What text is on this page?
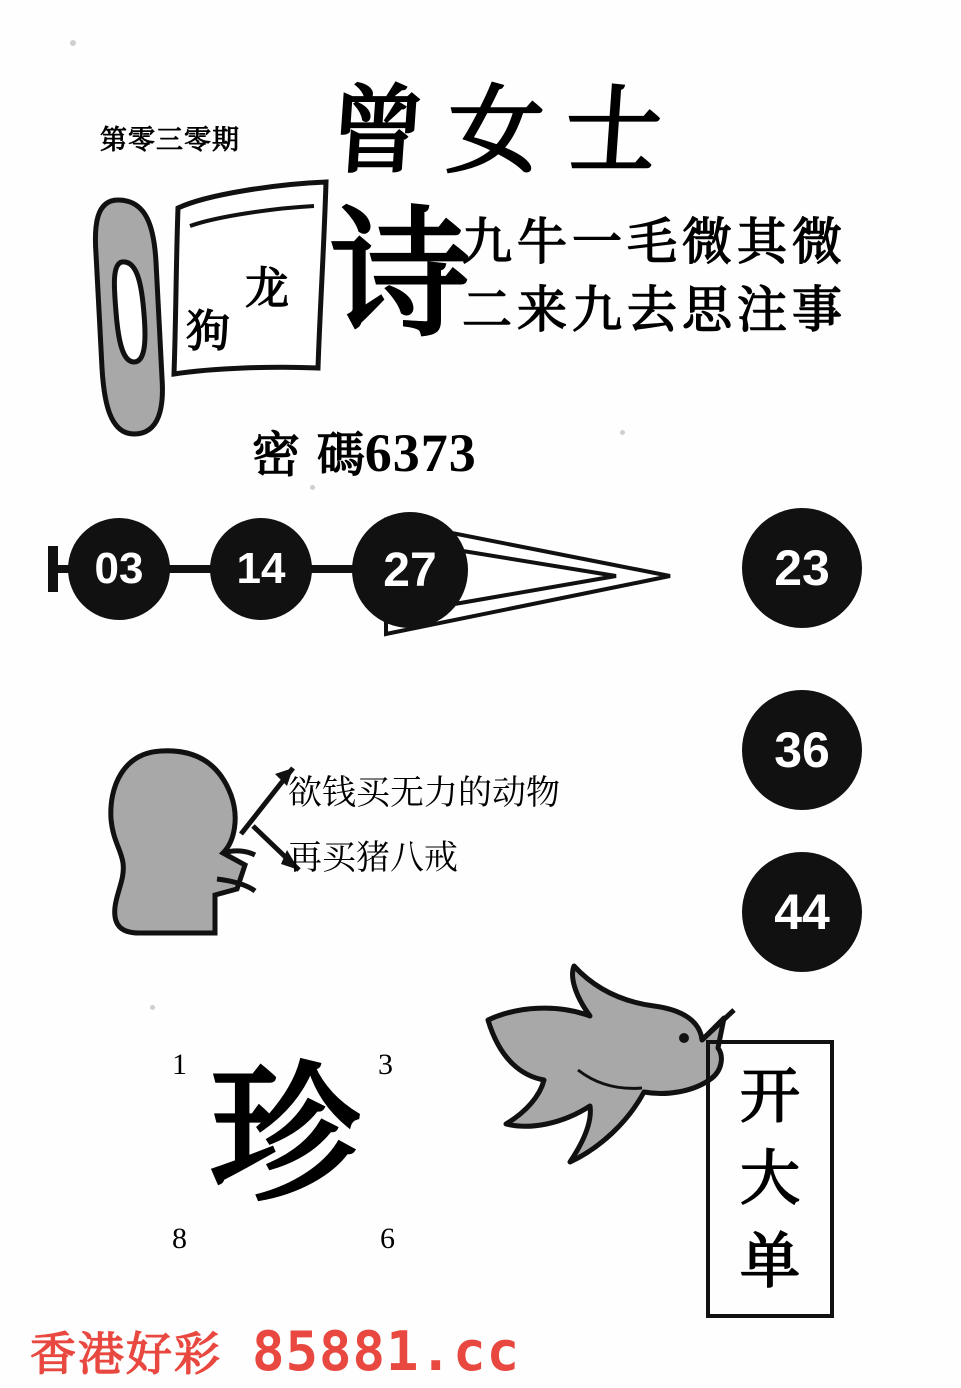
第零三零期 曾女士
龙
狗 诗
九牛一毛微其微
二来九去思注事
密 碼6373
03 14 27	23
36
44
欲钱买无力的动物
再买猪八戒
1	3
8	6
珍	开
大
单
香港好彩 85881.cc
